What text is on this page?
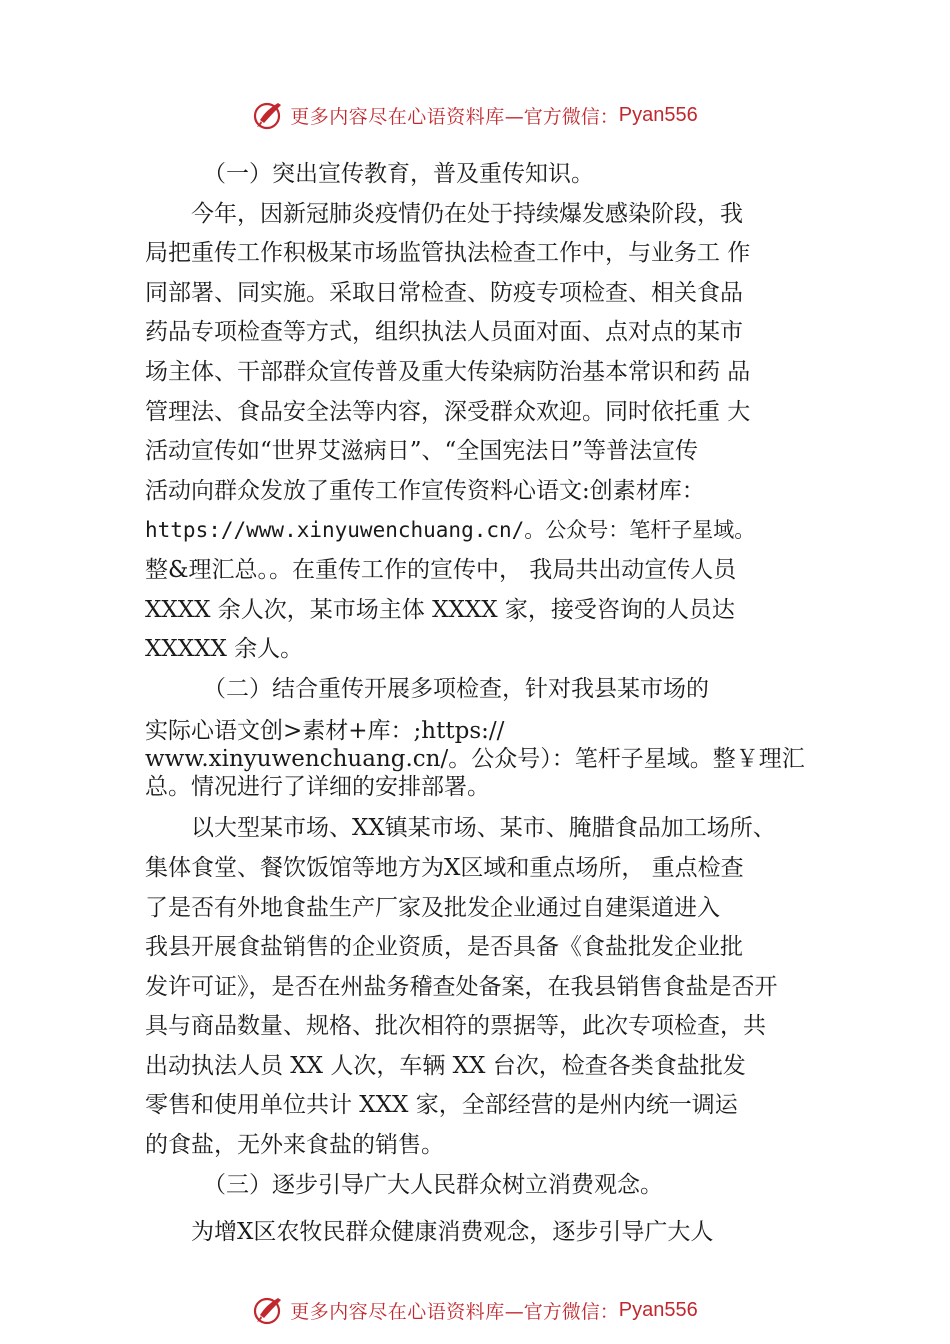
更多内容尽在心语资料库 —官方微信： Pyan556
（一）突出宣传教育，普及重传知识。
今年，因新冠肺炎疫情仍在处于持续爆发感染阶段，我
局把重传工作积极某市场监管执法检查工作中，与业务工 作
同部署、同实施。采取日常检查、防疫专项检查、相关食品
药品专项检查等方式，组织执法人员面对面、点对点的某市
场主体、干部群众宣传普及重大传染病防治基本常识和药 品
管理法、食品安全法等内容，深受群众欢迎。同时依托重 大
活动宣传如“世界艾滋病日”、“全国宪法日”等普法宣传
活动向群众发放了重传工作宣传资料心语文:创素材库：
https://www.xinyuwenchuang.cn/。公众号：笔杆子星域。
整&理汇总。。在重传工作的宣传中， 我局共出动宣传人员
XXXX 余人次，某市场主体 XXXX 家，接受咨询的人员达
XXXXX 余人。
（二）结合重传开展多项检查，针对我县某市场的
实际心语文创>素材+库：;https://
www.xinyuwenchuang.cn/。公众号）：笔杆子星域。整￥理汇
总。情况进行了详细的安排部署。
以大型某市场、XX镇某市场、某市、腌腊食品加工场所、
集体食堂、餐饮饭馆等地方为X区域和重点场所， 重点检查
了是否有外地食盐生产厂家及批发企业通过自建渠道进入
我县开展食盐销售的企业资质，是否具备《食盐批发企业批
发许可证》，是否在州盐务稽查处备案，在我县销售食盐是否开
具与商品数量、规格、批次相符的票据等，此次专项检查，共
出动执法人员 XX 人次，车辆 XX 台次，检查各类食盐批发
零售和使用单位共计 XXX 家，全部经营的是州内统一调运
的食盐，无外来食盐的销售。
（三）逐步引导广大人民群众树立消费观念。
为增X区农牧民群众健康消费观念，逐步引导广大人
更多内容尽在心语资料库 —官方微信： Pyan556
